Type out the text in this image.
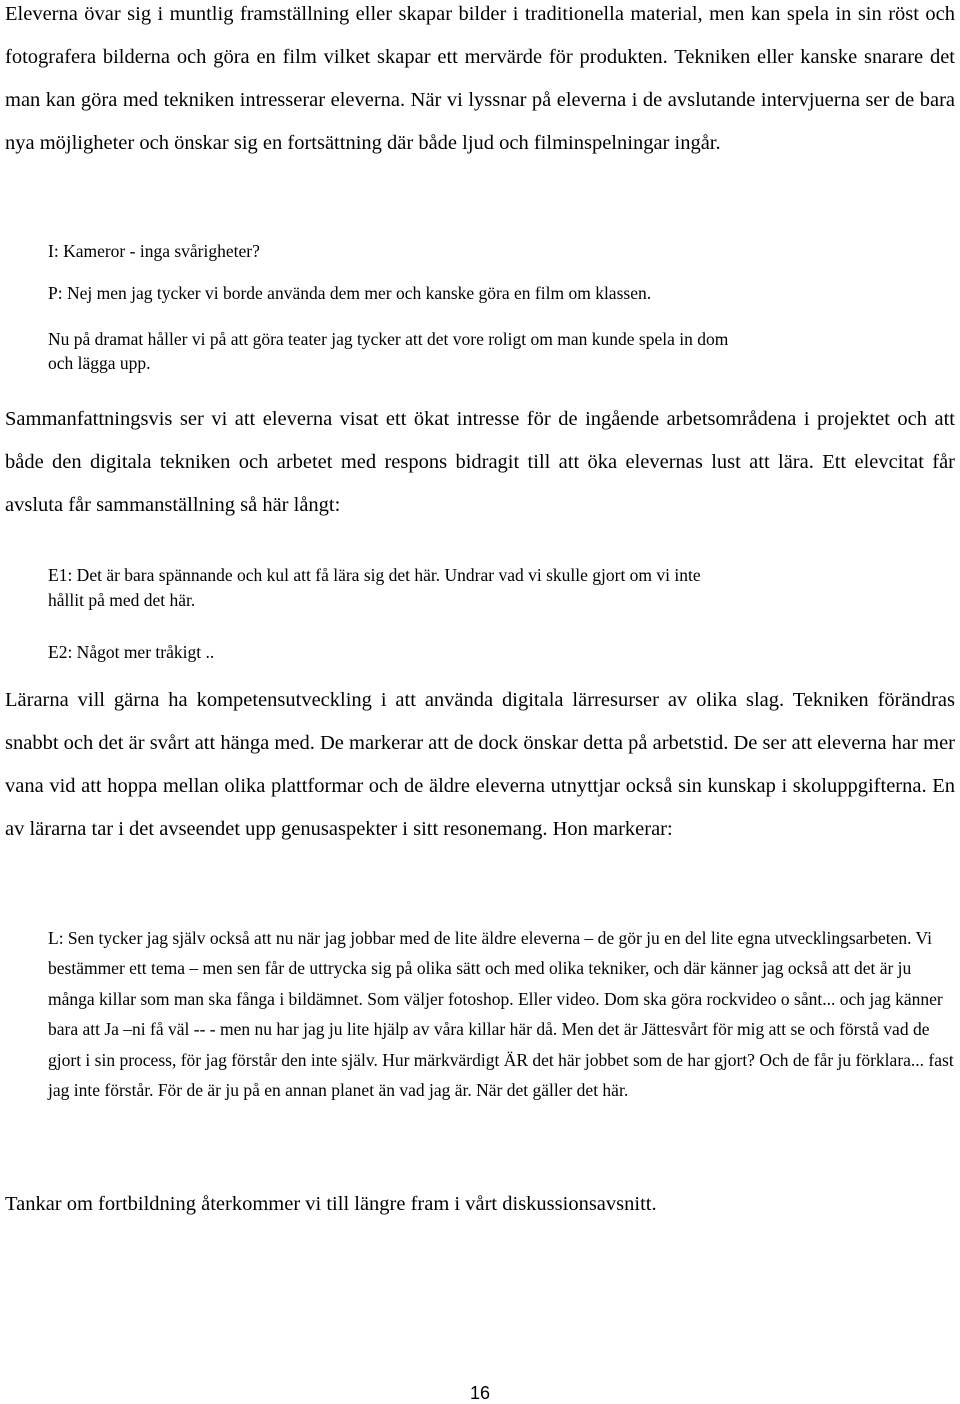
Eleverna övar sig i muntlig framställning eller skapar bilder i traditionella material, men kan spela in sin röst och fotografera bilderna och göra en film vilket skapar ett mervärde för produkten. Tekniken eller kanske snarare det man kan göra med tekniken intresserar eleverna. När vi lyssnar på eleverna i de avslutande intervjuerna ser de bara nya möjligheter och önskar sig en fortsättning där både ljud och filminspelningar ingår.

I: Kameror - inga svårigheter?

P: Nej men jag tycker vi borde använda dem mer och kanske göra en film om klassen.

Nu på dramat håller vi på att göra teater jag tycker att det vore roligt om man kunde spela in dom

och lägga upp.

Sammanfattningsvis ser vi att eleverna visat ett ökat intresse för de ingående arbetsområdena i projektet och att både den digitala tekniken och arbetet med respons bidragit till att öka elevernas lust att lära. Ett elevcitat får avsluta får sammanställning så här långt:

E1: Det är bara spännande och kul att få lära sig det här. Undrar vad vi skulle gjort om vi inte

hållit på med det här.

E2: Något mer tråkigt ..

Lärarna vill gärna ha kompetensutveckling i att använda digitala lärresurser av olika slag. Tekniken förändras snabbt och det är svårt att hänga med. De markerar att de dock önskar detta på arbetstid. De ser att eleverna har mer vana vid att hoppa mellan olika plattformar och de äldre eleverna utnyttjar också sin kunskap i skoluppgifterna. En av lärarna tar i det avseendet upp genusaspekter i sitt resonemang. Hon markerar:

L: Sen tycker jag själv också att nu när jag jobbar med de lite äldre eleverna – de gör ju en del lite egna utvecklingsarbeten. Vi bestämmer ett tema – men sen får de uttrycka sig på olika sätt och med olika tekniker, och där känner jag också att det är ju många killar som man ska fånga i bildämnet. Som väljer fotoshop. Eller video. Dom ska göra rockvideo o sånt... och jag känner bara att Ja –ni få väl -- - men nu har jag ju lite hjälp av våra killar här då. Men det är Jättesvårt för mig att se och förstå vad de gjort i sin process, för jag förstår den inte själv. Hur märkvärdigt ÄR det här jobbet som de har gjort? Och de får ju förklara... fast jag inte förstår. För de är ju på en annan planet än vad jag är. När det gäller det här.

Tankar om fortbildning återkommer vi till längre fram i vårt diskussionsavsnitt.

16
